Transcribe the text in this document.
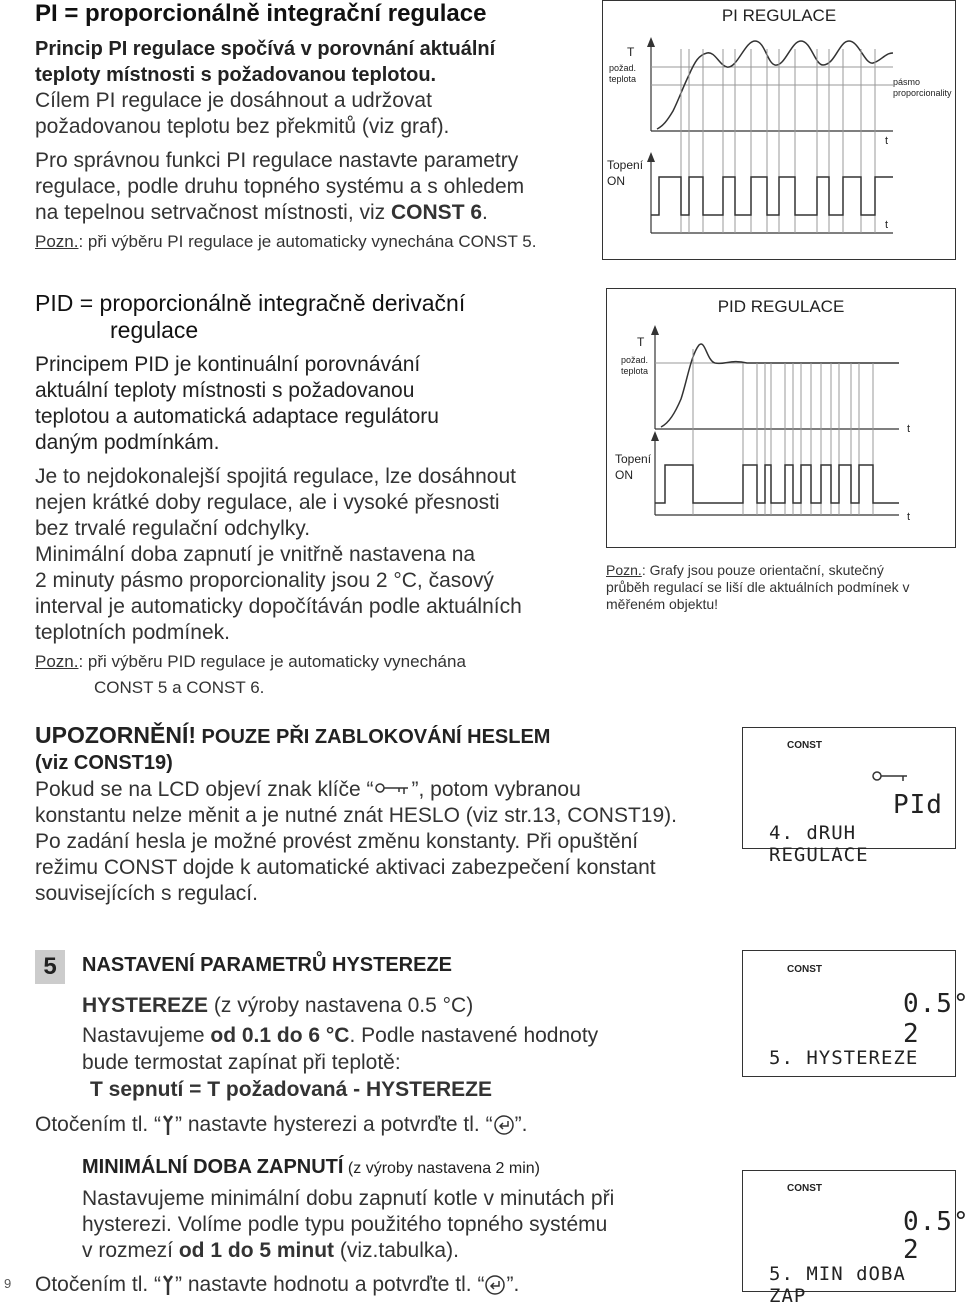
PI = proporcionálně integrační regulace
Princip PI regulace spočívá v porovnání aktuální
teploty místnosti s požadovanou teplotou.
Cílem PI regulace je dosáhnout a udržovat
požadovanou teplotu bez překmitů (viz graf).
Pro správnou funkci PI regulace nastavte parametry
regulace, podle druhu topného systému a s ohledem
na tepelnou setrvačnost místnosti, viz CONST 6.
Pozn.: při výběru PI regulace je automaticky vynechána CONST 5.
PI REGULACE
T
požad.
teplota	pásmo
proporcionality
Topení
ON
t
t
PID = proporcionálně integračně derivační
regulace
Principem PID je kontinuální porovnávání
aktuální teploty místnosti s požadovanou
teplotou a automatická adaptace regulátoru
daným podmínkám.
Je to nejdokonalejší spojitá regulace, lze dosáhnout
nejen krátké doby regulace, ale i vysoké přesnosti
bez trvalé regulační odchylky.
Minimální doba zapnutí je vnitřně nastavena na
2 minuty pásmo proporcionality jsou 2 °C, časový
interval je automaticky dopočítáván podle aktuálních
teplotních podmínek.
Pozn.: při výběru PID regulace je automaticky vynechána
CONST 5 a CONST 6.
PID REGULACE
T
požad.
teplota
Topení
ON
t
t
Pozn.: Grafy jsou pouze orientační, skutečný
průběh regulací se liší dle aktuálních podmínek v
měřeném objektu!
UPOZORNĚNÍ! POUZE PŘI ZABLOKOVÁNÍ HESLEM
(viz CONST19)
Pokud se na LCD objeví znak klíče “ ”, potom vybranou
konstantu nelze měnit a je nutné znát HESLO (viz str.13, CONST19).
Po zadání hesla je možné provést změnu konstanty. Při opuštění
režimu CONST dojde k automatické aktivaci zabezpečení konstant
souvisejících s regulací.
CONST
PId
4. dRUH REGULACE
5	NASTAVENÍ PARAMETRŮ HYSTEREZE
HYSTEREZE (z výroby nastavena 0.5 °C)
Nastavujeme od 0.1 do 6 °C. Podle nastavené hodnoty
bude termostat zapínat při teplotě:
T sepnutí = T požadovaná - HYSTEREZE
Otočením tl. “ ” nastavte hysterezi a potvrďte tl. “ ”.
CONST
0.5°
2
5. HYSTEREZE
MINIMÁLNÍ DOBA ZAPNUTÍ (z výroby nastavena 2 min)
Nastavujeme minimální dobu zapnutí kotle v minutách při
hysterezi. Volíme podle typu použitého topného systému
v rozmezí od 1 do 5 minut (viz.tabulka).
Otočením tl. “ ” nastavte hodnotu a potvrďte tl. “ ”.
CONST
0.5°
2
5. MIN dOBA ZAP
9
